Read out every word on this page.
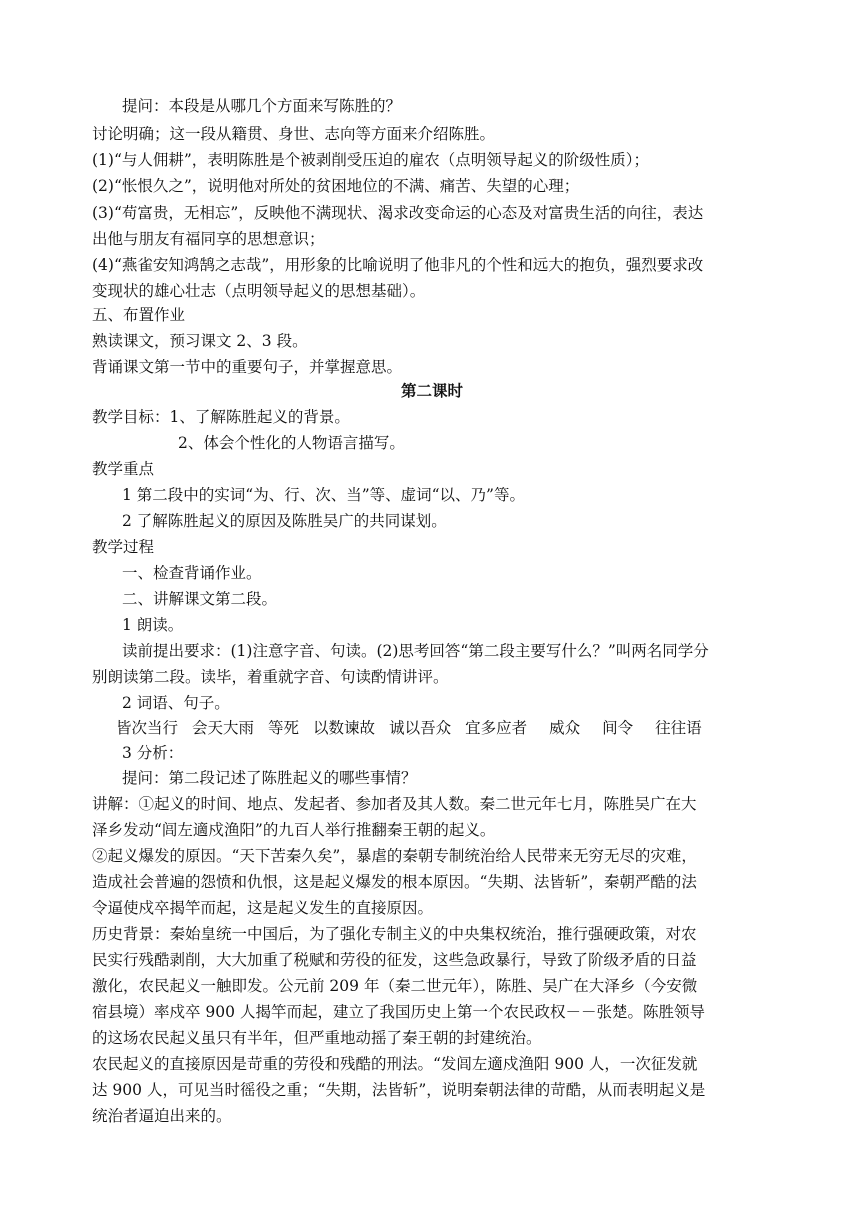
提问：本段是从哪几个方面来写陈胜的？
讨论明确；这一段从籍贯、身世、志向等方面来介绍陈胜。
(1)“与人佣耕”，表明陈胜是个被剥削受压迫的雇农（点明领导起义的阶级性质）；
(2)“怅恨久之”，说明他对所处的贫困地位的不满、痛苦、失望的心理；
(3)“苟富贵，无相忘”，反映他不满现状、渴求改变命运的心态及对富贵生活的向往，表达
出他与朋友有福同享的思想意识；
(4)“燕雀安知鸿鹄之志哉”，用形象的比喻说明了他非凡的个性和远大的抱负，强烈要求改
变现状的雄心壮志（点明领导起义的思想基础）。
五、布置作业
熟读课文，预习课文 2、3 段。
背诵课文第一节中的重要句子，并掌握意思。
第二课时
教学目标：1、了解陈胜起义的背景。
2、体会个性化的人物语言描写。
教学重点
1 第二段中的实词“为、行、次、当”等、虚词“以、乃”等。
2 了解陈胜起义的原因及陈胜吴广的共同谋划。
教学过程
一、检查背诵作业。
二、讲解课文第二段。
1 朗读。
读前提出要求：(1)注意字音、句读。(2)思考回答“第二段主要写什么？”叫两名同学分
别朗读第二段。读毕，着重就字音、句读酌情讲评。
2 词语、句子。
皆次当行 会天大雨 等死 以数谏故 诚以吾众 宜多应者 威众 间令 往往语
3 分析：
提问：第二段记述了陈胜起义的哪些事情？
讲解：①起义的时间、地点、发起者、参加者及其人数。秦二世元年七月，陈胜吴广在大
泽乡发动“闾左適戍渔阳”的九百人举行推翻秦王朝的起义。
②起义爆发的原因。“天下苦秦久矣”，暴虐的秦朝专制统治给人民带来无穷无尽的灾难，
造成社会普遍的怨愤和仇恨，这是起义爆发的根本原因。“失期、法皆斩”，秦朝严酷的法
令逼使戍卒揭竿而起，这是起义发生的直接原因。
历史背景：秦始皇统一中国后，为了强化专制主义的中央集权统治，推行强硬政策，对农
民实行残酷剥削，大大加重了税赋和劳役的征发，这些急政暴行，导致了阶级矛盾的日益
激化，农民起义一触即发。公元前 209 年（秦二世元年），陈胜、吴广在大泽乡（今安微
宿县境）率戍卒 900 人揭竿而起，建立了我国历史上第一个农民政权－－张楚。陈胜领导
的这场农民起义虽只有半年，但严重地动摇了秦王朝的封建统治。
农民起义的直接原因是苛重的劳役和残酷的刑法。“发闾左適戍渔阳 900 人，一次征发就
达 900 人，可见当时徭役之重；“失期，法皆斩”，说明秦朝法律的苛酷，从而表明起义是
统治者逼迫出来的。
